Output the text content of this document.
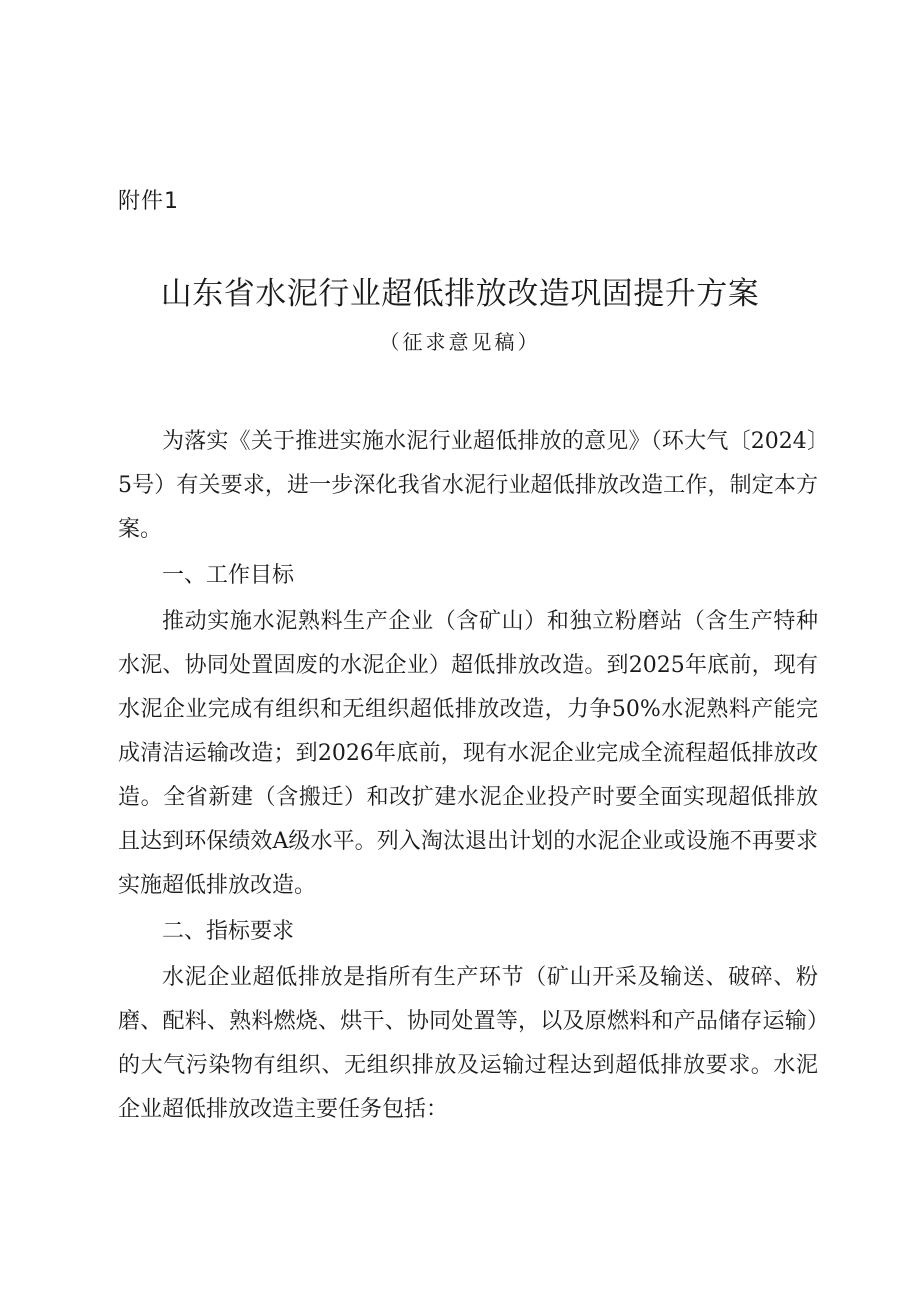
附件1
山东省水泥行业超低排放改造巩固提升方案
（征求意见稿）

为落实《关于推进实施水泥行业超低排放的意见》（环大气〔2024〕5号）有关要求，进一步深化我省水泥行业超低排放改造工作，制定本方案。

一、工作目标

推动实施水泥熟料生产企业（含矿山）和独立粉磨站（含生产特种水泥、协同处置固废的水泥企业）超低排放改造。到2025年底前，现有水泥企业完成有组织和无组织超低排放改造，力争50%水泥熟料产能完成清洁运输改造；到2026年底前，现有水泥企业完成全流程超低排放改造。全省新建（含搬迁）和改扩建水泥企业投产时要全面实现超低排放且达到环保绩效A级水平。列入淘汰退出计划的水泥企业或设施不再要求实施超低排放改造。

二、指标要求

水泥企业超低排放是指所有生产环节（矿山开采及输送、破碎、粉磨、配料、熟料燃烧、烘干、协同处置等，以及原燃料和产品储存运输）的大气污染物有组织、无组织排放及运输过程达到超低排放要求。水泥企业超低排放改造主要任务包括：
